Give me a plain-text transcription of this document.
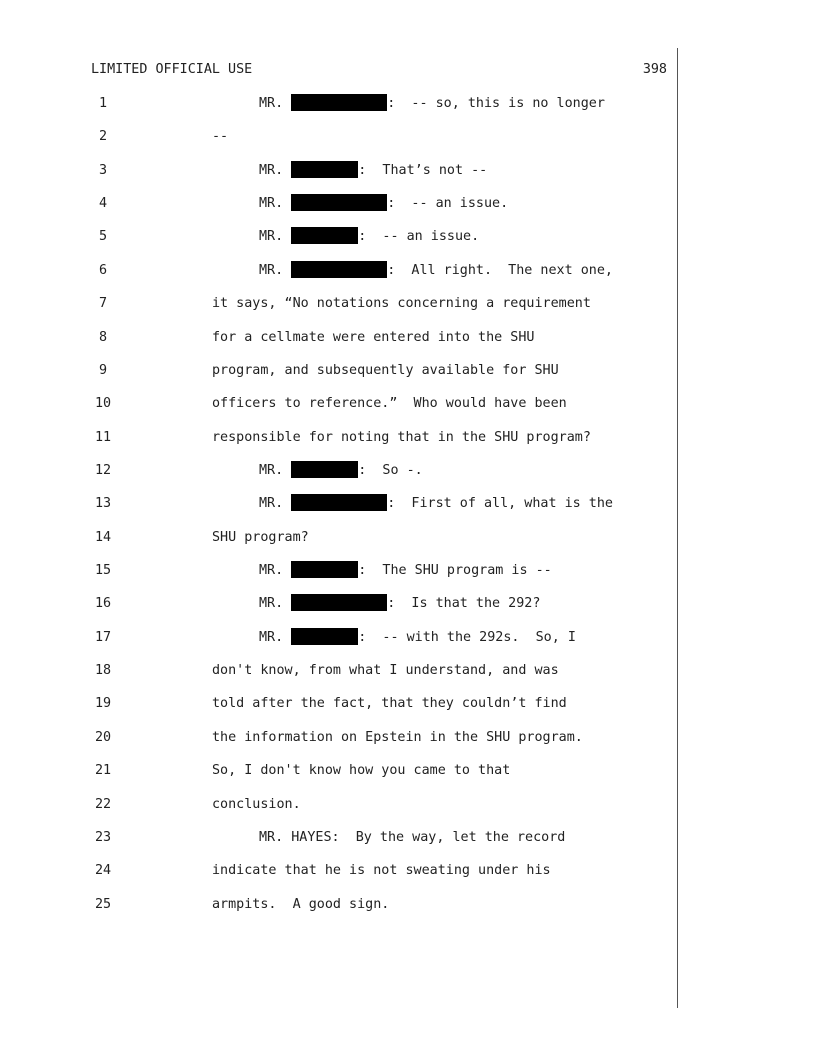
LIMITED OFFICIAL USE	398
1	MR.	:  -- so, this is no longer
2	--
3	MR.	:  That’s not --
4	MR.	:  -- an issue.
5	MR.	:  -- an issue.
6	MR.	:  All right.  The next one,
7	it says, “No notations concerning a requirement
8	for a cellmate were entered into the SHU
9	program, and subsequently available for SHU
10	officers to reference.”  Who would have been
11	responsible for noting that in the SHU program?
12	MR.	:  So -.
13	MR.	:  First of all, what is the
14	SHU program?
15	MR.	:  The SHU program is --
16	MR.	:  Is that the 292?
17	MR.	:  -- with the 292s.  So, I
18	don't know, from what I understand, and was
19	told after the fact, that they couldn’t find
20	the information on Epstein in the SHU program.
21	So, I don't know how you came to that
22	conclusion.
23	MR. HAYES:  By the way, let the record
24	indicate that he is not sweating under his
25	armpits.  A good sign.
